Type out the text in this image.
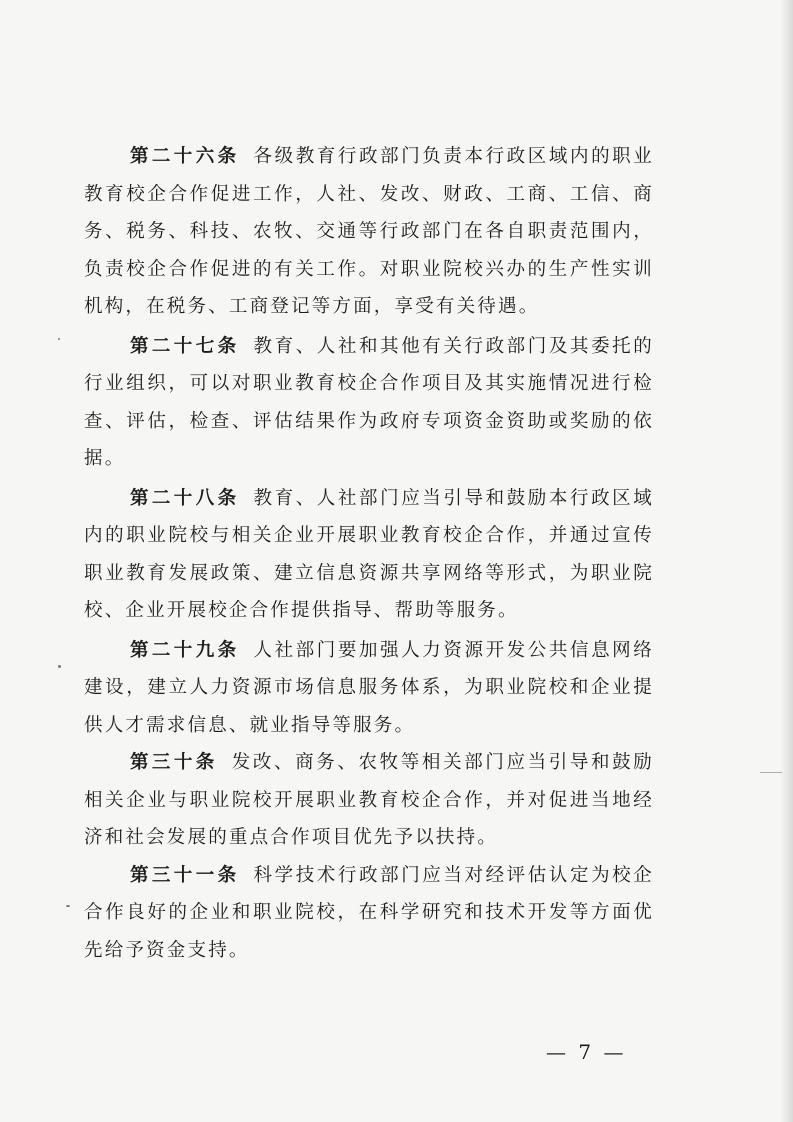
第二十六条 各级教育行政部门负责本行政区域内的职业教育校企合作促进工作，人社、发改、财政、工商、工信、商务、税务、科技、农牧、交通等行政部门在各自职责范围内，负责校企合作促进的有关工作。对职业院校兴办的生产性实训机构，在税务、工商登记等方面，享受有关待遇。

第二十七条 教育、人社和其他有关行政部门及其委托的行业组织，可以对职业教育校企合作项目及其实施情况进行检查、评估，检查、评估结果作为政府专项资金资助或奖励的依据。

第二十八条 教育、人社部门应当引导和鼓励本行政区域内的职业院校与相关企业开展职业教育校企合作，并通过宣传职业教育发展政策、建立信息资源共享网络等形式，为职业院校、企业开展校企合作提供指导、帮助等服务。

第二十九条 人社部门要加强人力资源开发公共信息网络建设，建立人力资源市场信息服务体系，为职业院校和企业提供人才需求信息、就业指导等服务。

第三十条 发改、商务、农牧等相关部门应当引导和鼓励相关企业与职业院校开展职业教育校企合作，并对促进当地经济和社会发展的重点合作项目优先予以扶持。

第三十一条 科学技术行政部门应当对经评估认定为校企合作良好的企业和职业院校，在科学研究和技术开发等方面优先给予资金支持。

— 7 —
